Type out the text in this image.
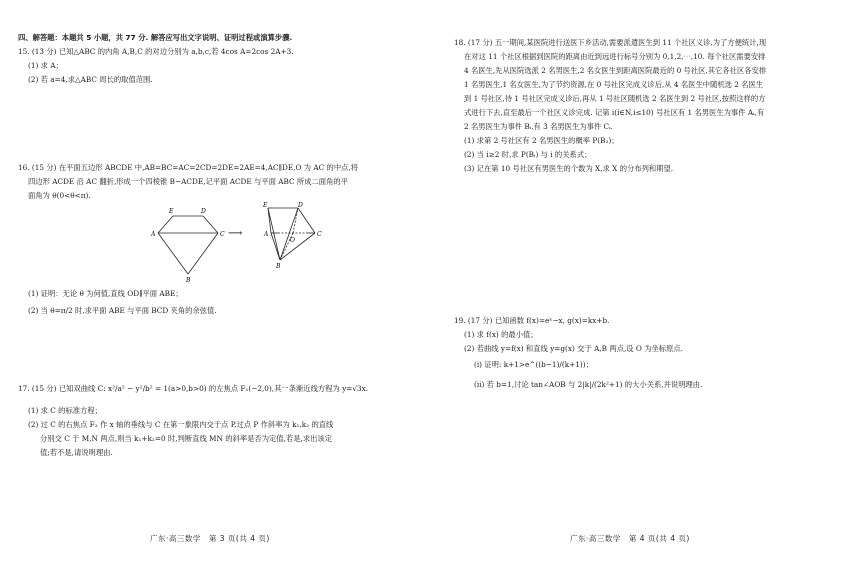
四、解答题：本题共 5 小题，共 77 分. 解答应写出文字说明、证明过程或演算步骤.
15. (13 分) 已知△ABC 的内角 A,B,C 的对边分别为 a,b,c,若 4cos A=2cos 2A+3.
(1) 求 A；
(2) 若 a=4,求△ABC 周长的取值范围.
16. (15 分) 在平面五边形 ABCDE 中,AB=BC=AC=2CD=2DE=2AE=4,AC∥DE,O 为 AC 的中点,将
四边形 ACDE 沿 AC 翻折,形成一个四棱锥 B−ACDE,记平面 ACDE 与平面 ABC 所成二面角的平
面角为 θ(0<θ<π).
A
E	D
C
B
⟶	A
E	D
C
O
B
(1) 证明：无论 θ 为何值,直线 OD∥平面 ABE；
(2) 当 θ=π/2 时,求平面 ABE 与平面 BCD 夹角的余弦值.
17. (15 分) 已知双曲线 C: x²/a² − y²/b² = 1(a>0,b>0) 的左焦点 F₁(−2,0),其一条渐近线方程为 y=√3x.
(1) 求 C 的标准方程；
(2) 过 C 的右焦点 F₂ 作 x 轴的垂线与 C 在第一象限内交于点 P,过点 P 作斜率为 k₁,k₂ 的直线
分别交 C 于 M,N 两点,则当 k₁+k₂=0 时,判断直线 MN 的斜率是否为定值,若是,求出该定
值;若不是,请说明理由.
广东·高三数学　第 3 页(共 4 页)
18. (17 分) 五一期间,某医院进行送医下乡活动,需要派遣医生到 11 个社区义诊,为了方便统计,现
在对这 11 个社区根据到医院的距离由近到远进行标号分别为 0,1,2,⋯,10. 每个社区需要安排
4 名医生,先从医院选派 2 名男医生,2 名女医生到距离医院最近的 0 号社区,其它各社区各安排
1 名男医生,1 名女医生,为了节约资源,在 0 号社区完成义诊后,从 4 名医生中随机选 2 名医生
到 1 号社区,待 1 号社区完成义诊后,再从 1 号社区随机选 2 名医生到 2 号社区,按照这样的方
式进行下去,直至最后一个社区义诊完成. 记第 i(i∈N,i≤10) 号社区有 1 名男医生为事件 Aᵢ,有
2 名男医生为事件 Bᵢ,有 3 名男医生为事件 Cᵢ.
(1) 求第 2 号社区有 2 名男医生的概率 P(B₂)；
(2) 当 i≥2 时,求 P(Bᵢ) 与 i 的关系式；
(3) 记在第 10 号社区有男医生的个数为 X,求 X 的分布列和期望.
19. (17 分) 已知函数 f(x)=eˣ−x, g(x)=kx+b.
(1) 求 f(x) 的最小值；
(2) 若曲线 y=f(x) 和直线 y=g(x) 交于 A,B 两点,设 O 为坐标原点.
(ⅰ) 证明: k+1>e^((b−1)/(k+1))；
(ⅱ) 若 b=1,讨论 tan∠AOB 与 2|k|/(2k²+1) 的大小关系,并说明理由.
广东·高三数学　第 4 页(共 4 页)
